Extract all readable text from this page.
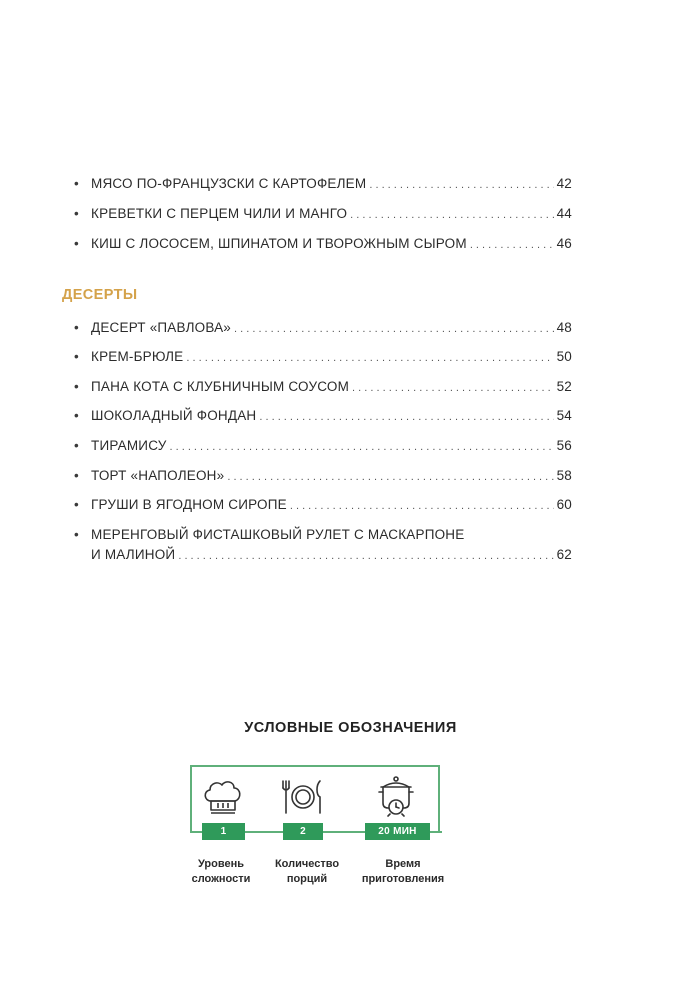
• МЯСО ПО-ФРАНЦУЗСКИ С КАРТОФЕЛЕМ . . .	42
• КРЕВЕТКИ С ПЕРЦЕМ ЧИЛИ И МАНГО . . .	44
• КИШ С ЛОСОСЕМ, ШПИНАТОМ И ТВОРОЖНЫМ СЫРОМ . . .	46
ДЕСЕРТЫ
• ДЕСЕРТ «ПАВЛОВА» . . .	48
• КРЕМ-БРЮЛЕ . . .	50
• ПАНА КОТА С КЛУБНИЧНЫМ СОУСОМ . . .	52
• ШОКОЛАДНЫЙ ФОНДАН . . .	54
• ТИРАМИСУ . . .	56
• ТОРТ «НАПОЛЕОН» . . .	58
• ГРУШИ В ЯГОДНОМ СИРОПЕ . . .	60
• МЕРЕНГОВЫЙ ФИСТАШКОВЫЙ РУЛЕТ С МАСКАРПОНЕ
И МАЛИНОЙ . . .	62
УСЛОВНЫЕ ОБОЗНАЧЕНИЯ
1	2	20 МИН
Уровень
сложности
Количество
порций
Время
приготовления
